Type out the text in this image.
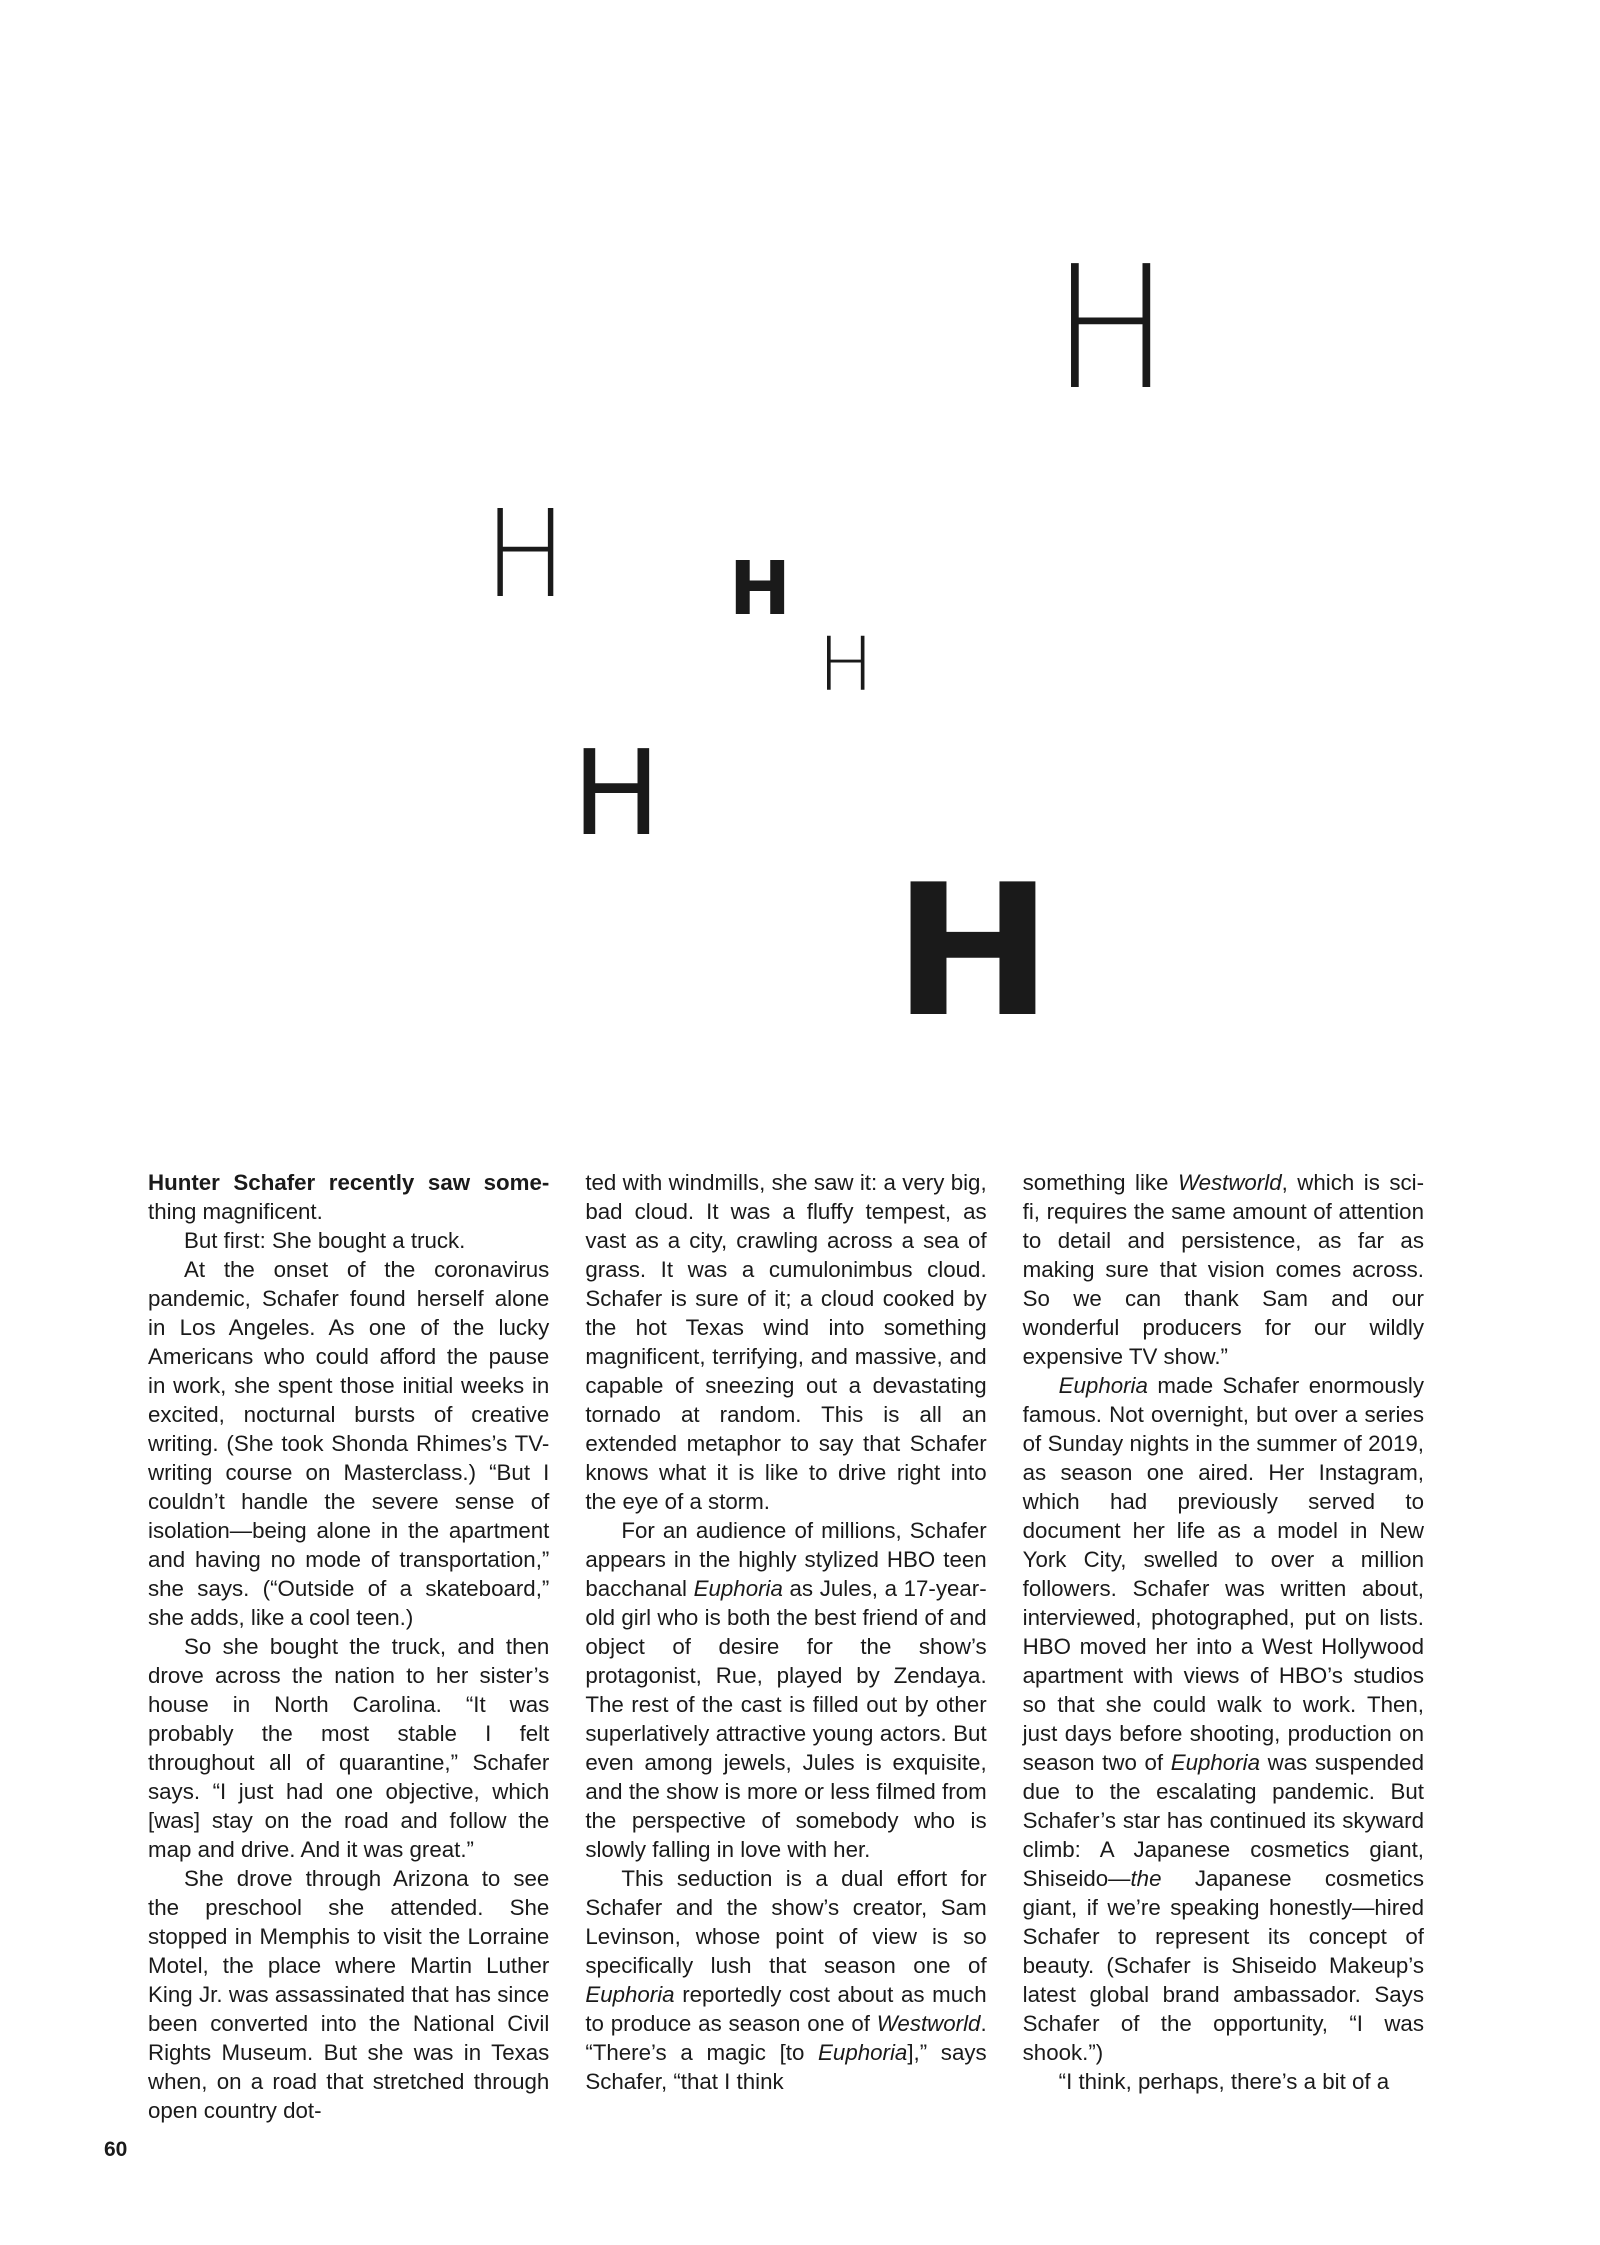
H
H H
H
H
H

Hunter Schafer recently saw some- thing magnificent.

But first: She bought a truck.

At the onset of the coronavirus pandemic, Schafer found herself alone in Los Angeles. As one of the lucky Americans who could afford the pause in work, she spent those initial weeks in excited, nocturnal bursts of creative writing. (She took Shonda Rhimes’s TV-writing course on Masterclass.) “But I couldn’t handle the severe sense of isolation—being alone in the apartment and having no mode of transportation,” she says. (“Outside of a skateboard,” she adds, like a cool teen.)

So she bought the truck, and then drove across the nation to her sister’s house in North Carolina. “It was probably the most stable I felt throughout all of quarantine,” Schafer says. “I just had one objective, which [was] stay on the road and follow the map and drive. And it was great.”

She drove through Arizona to see the preschool she attended. She stopped in Memphis to visit the Lorraine Motel, the place where Martin Luther King Jr. was assassinated that has since been converted into the National Civil Rights Museum. But she was in Texas when, on a road that stretched through open country dot-

ted with windmills, she saw it: a very big, bad cloud. It was a fluffy tempest, as vast as a city, crawling across a sea of grass. It was a cumulonimbus cloud. Schafer is sure of it; a cloud cooked by the hot Texas wind into something magnificent, terrifying, and massive, and capable of sneezing out a devastating tornado at random. This is all an extended metaphor to say that Schafer knows what it is like to drive right into the eye of a storm.

For an audience of millions, Schafer appears in the highly stylized HBO teen bacchanal Euphoria as Jules, a 17-year-old girl who is both the best friend of and object of desire for the show’s protagonist, Rue, played by Zendaya. The rest of the cast is filled out by other superlatively attractive young actors. But even among jewels, Jules is exquisite, and the show is more or less filmed from the perspective of somebody who is slowly falling in love with her.

This seduction is a dual effort for Schafer and the show’s creator, Sam Levinson, whose point of view is so specifically lush that season one of Euphoria reportedly cost about as much to produce as season one of Westworld. “There’s a magic [to Euphoria],” says Schafer, “that I think

something like Westworld, which is sci-fi, requires the same amount of attention to detail and persistence, as far as making sure that vision comes across. So we can thank Sam and our wonderful producers for our wildly expensive TV show.”

Euphoria made Schafer enormously famous. Not overnight, but over a series of Sunday nights in the summer of 2019, as season one aired. Her Instagram, which had previously served to document her life as a model in New York City, swelled to over a million followers. Schafer was written about, interviewed, photographed, put on lists. HBO moved her into a West Hollywood apartment with views of HBO’s studios so that she could walk to work. Then, just days before shooting, production on season two of Euphoria was suspended due to the escalating pandemic. But Schafer’s star has continued its skyward climb: A Japanese cosmetics giant, Shiseido—the Japanese cosmetics giant, if we’re speaking honestly—hired Schafer to represent its concept of beauty. (Schafer is Shiseido Makeup’s latest global brand ambassador. Says Schafer of the opportunity, “I was shook.”)

“I think, perhaps, there’s a bit of a

60
